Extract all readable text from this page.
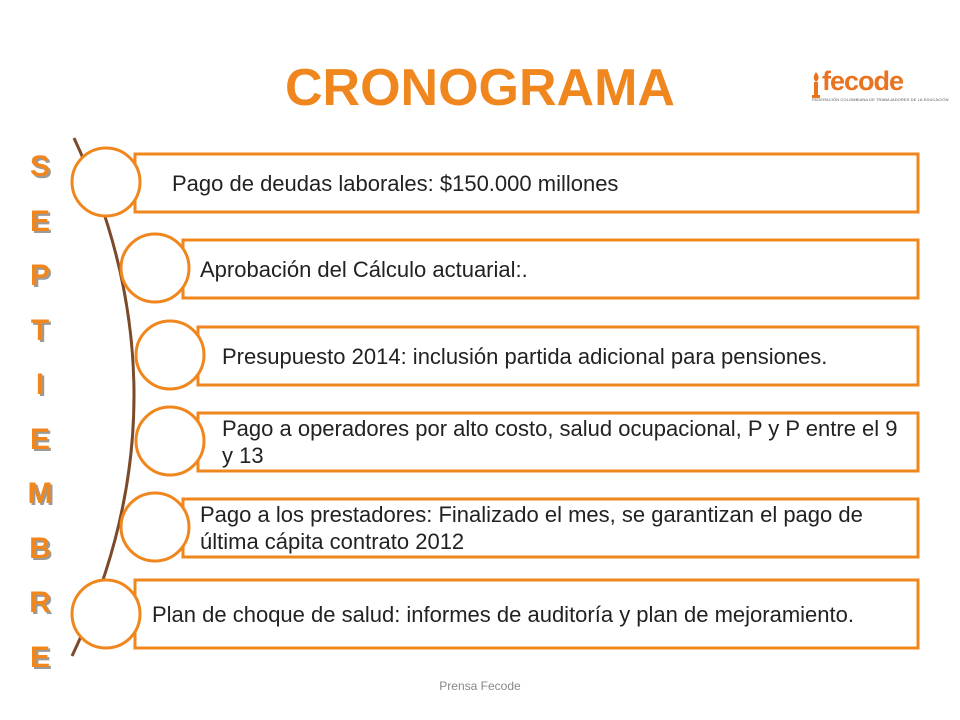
CRONOGRAMA	fecode
FEDERACIÓN COLOMBIANA DE TRABAJADORES DE LA EDUCACIÓN
S
E
P
T
I
E
M
B
R
E
Pago de deudas laborales: $150.000 millones
Aprobación del Cálculo actuarial:.
Presupuesto 2014: inclusión partida adicional para pensiones.
Pago a operadores por alto costo, salud ocupacional, P y P entre el 9 y 13
Pago a los prestadores: Finalizado el mes, se garantizan el pago de última cápita contrato 2012
Plan de choque de salud: informes de auditoría y plan de mejoramiento.
Prensa Fecode
